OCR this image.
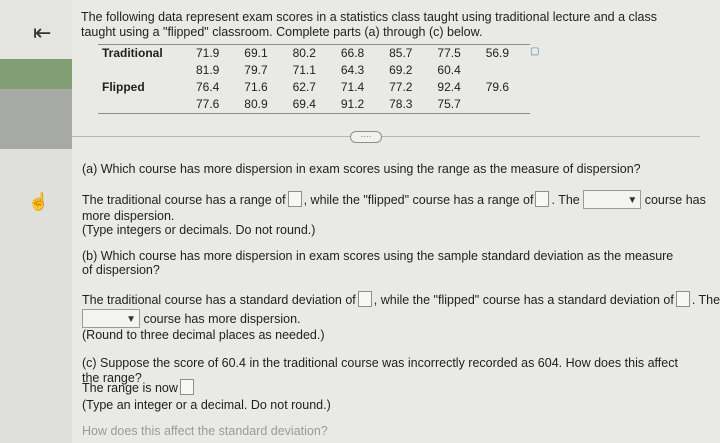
⇤
☝
The following data represent exam scores in a statistics class taught using traditional lecture and a class taught using a "flipped" classroom. Complete parts (a) through (c) below.
Traditional	71.9	69.1	80.2	66.8	85.7	77.5	56.9
	81.9	79.7	71.1	64.3	69.2	60.4	
Flipped	76.4	71.6	62.7	71.4	77.2	92.4	79.6
	77.6	80.9	69.4	91.2	78.3	75.7	
▢
····
(a) Which course has more dispersion in exam scores using the range as the measure of dispersion?
The traditional course has a range of , while the "flipped" course has a range of . The	▼ course has
more dispersion.
(Type integers or decimals. Do not round.)
(b) Which course has more dispersion in exam scores using the sample standard deviation as the measure
of dispersion?
The traditional course has a standard deviation of , while the "flipped" course has a standard deviation of . The
▼ course has more dispersion.
(Round to three decimal places as needed.)
(c) Suppose the score of 60.4 in the traditional course was incorrectly recorded as 604. How does this affect the range?
The range is now
(Type an integer or a decimal. Do not round.)
How does this affect the standard deviation?
